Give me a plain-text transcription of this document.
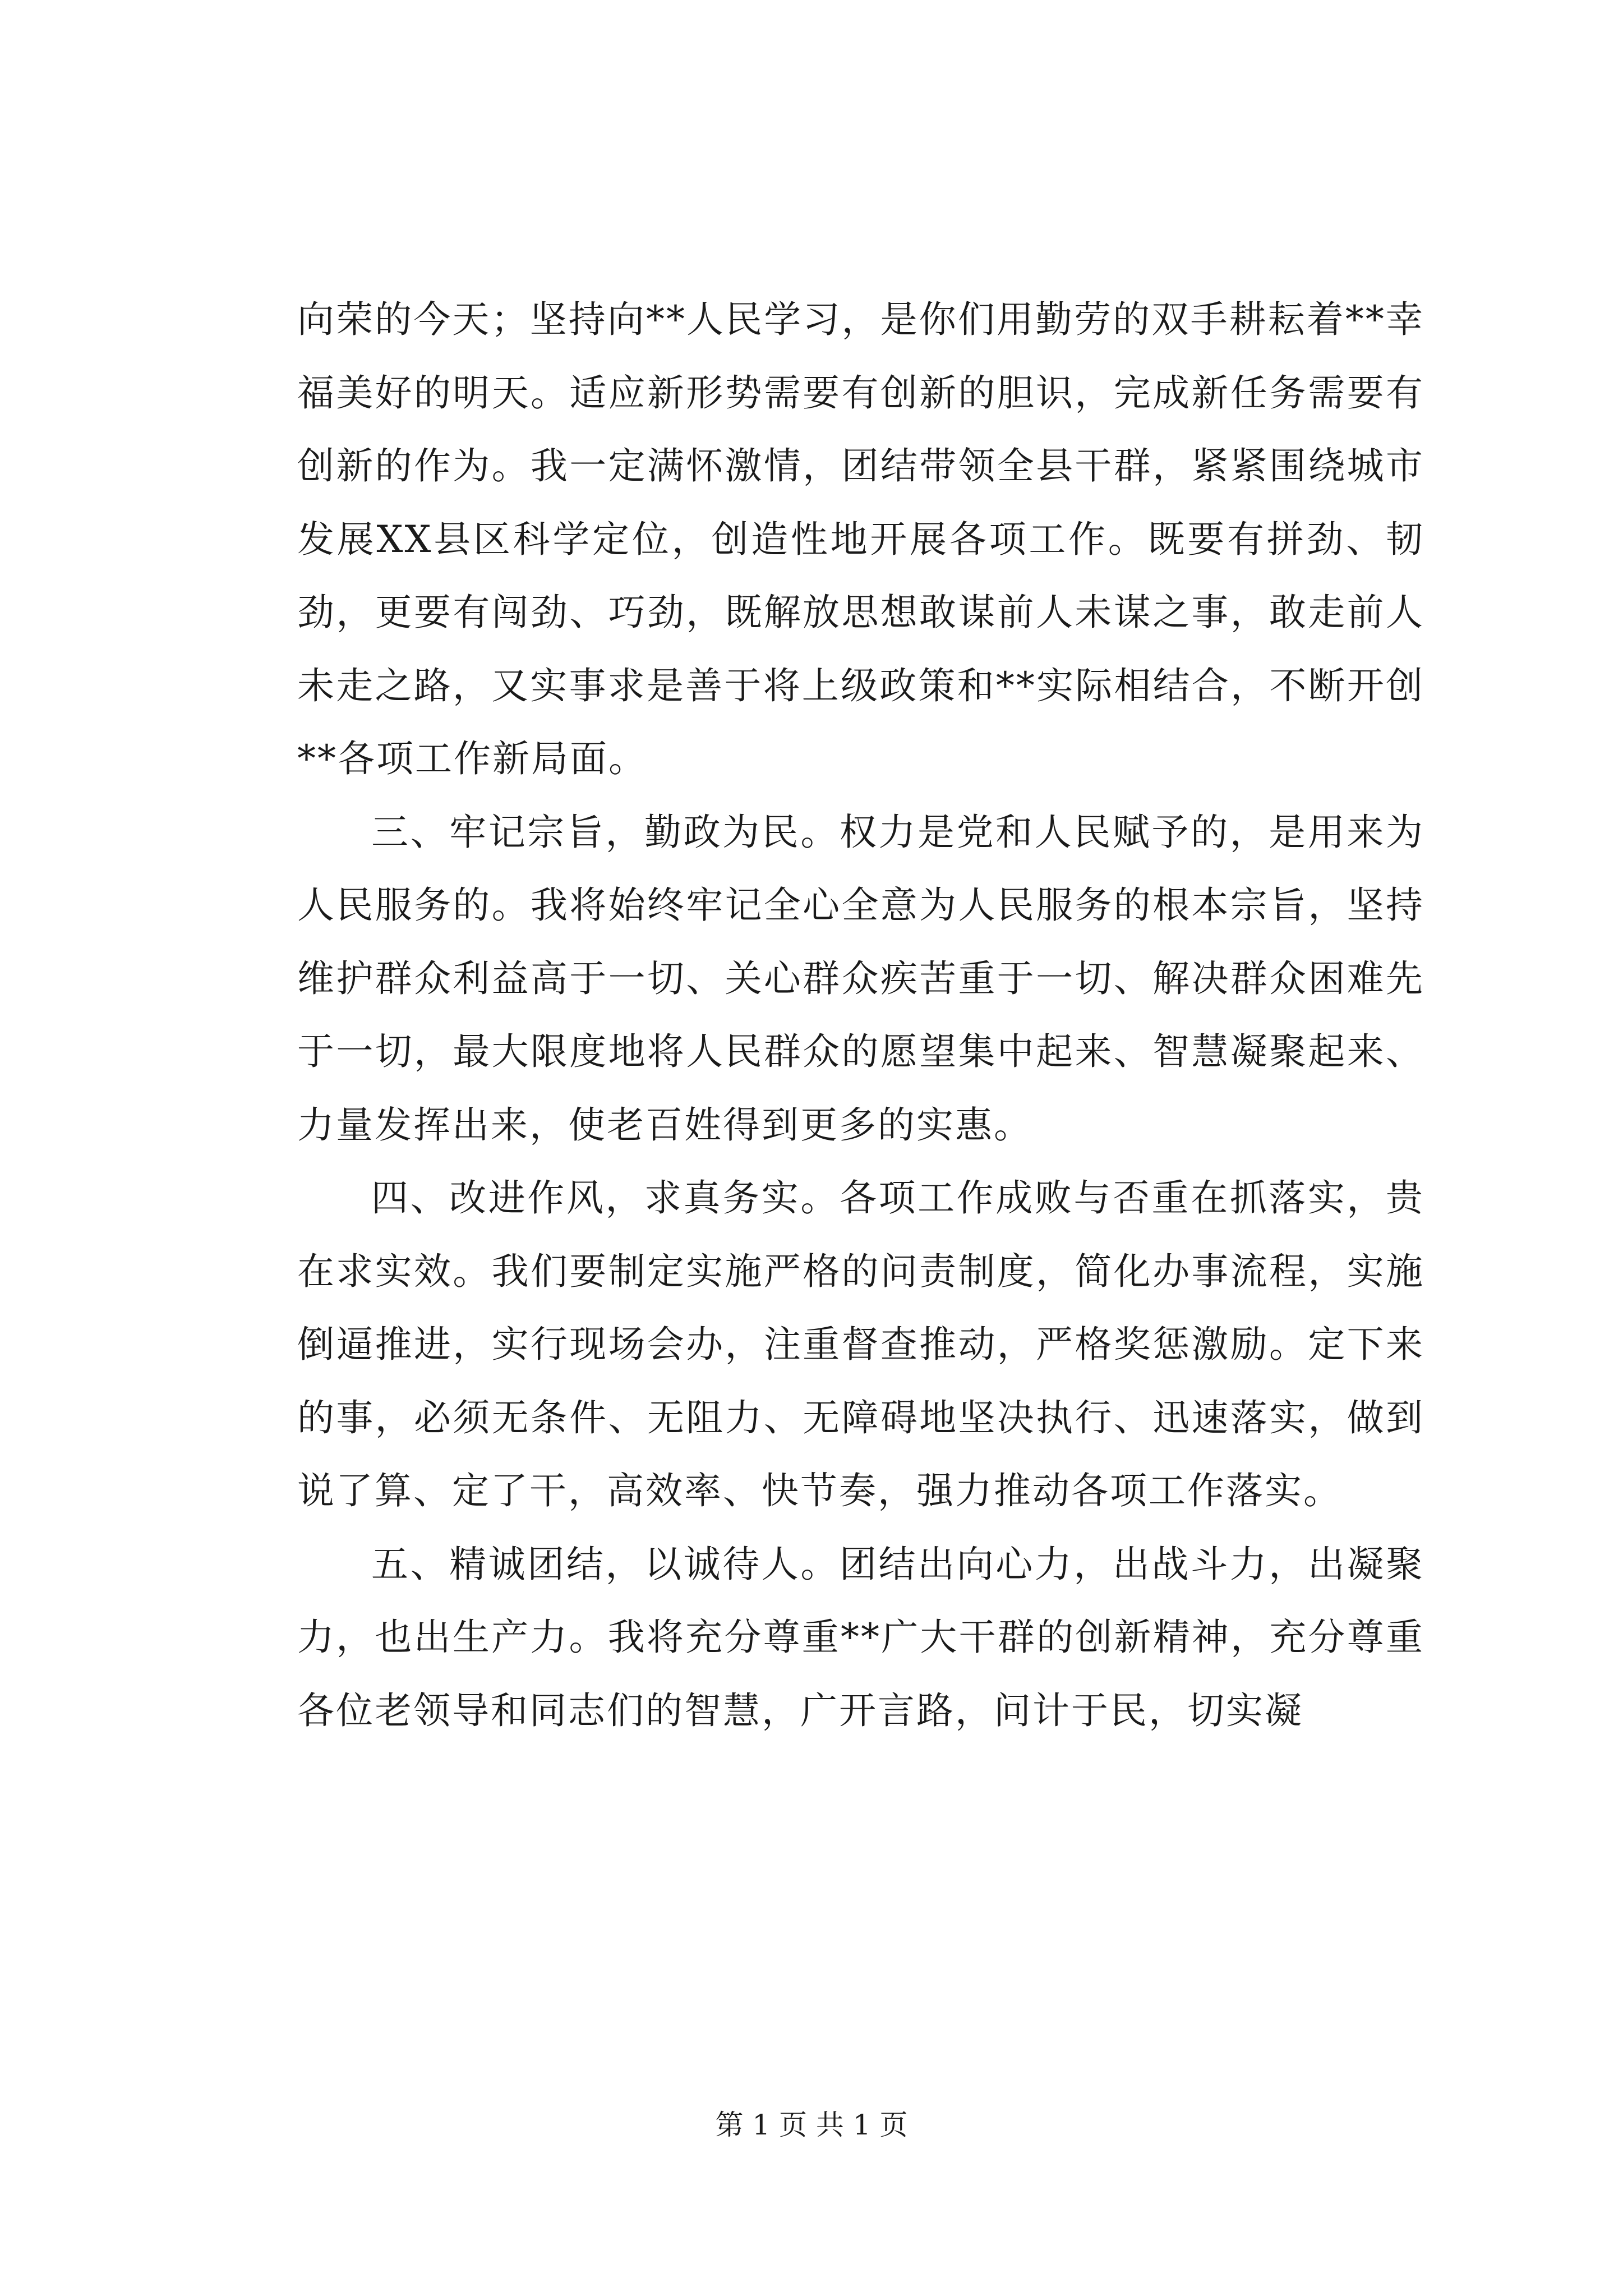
向荣的今天；坚持向**人民学习，是你们用勤劳的双手耕耘着**幸福美好的明天。适应新形势需要有创新的胆识，完成新任务需要有创新的作为。我一定满怀激情，团结带领全县干群，紧紧围绕城市发展XX县区科学定位，创造性地开展各项工作。既要有拼劲、韧劲，更要有闯劲、巧劲，既解放思想敢谋前人未谋之事，敢走前人未走之路，又实事求是善于将上级政策和**实际相结合，不断开创**各项工作新局面。

三、牢记宗旨，勤政为民。权力是党和人民赋予的，是用来为人民服务的。我将始终牢记全心全意为人民服务的根本宗旨，坚持维护群众利益高于一切、关心群众疾苦重于一切、解决群众困难先于一切，最大限度地将人民群众的愿望集中起来、智慧凝聚起来、力量发挥出来，使老百姓得到更多的实惠。

四、改进作风，求真务实。各项工作成败与否重在抓落实，贵在求实效。我们要制定实施严格的问责制度，简化办事流程，实施倒逼推进，实行现场会办，注重督查推动，严格奖惩激励。定下来的事，必须无条件、无阻力、无障碍地坚决执行、迅速落实，做到说了算、定了干，高效率、快节奏，强力推动各项工作落实。

五、精诚团结，以诚待人。团结出向心力，出战斗力，出凝聚力，也出生产力。我将充分尊重**广大干群的创新精神，充分尊重各位老领导和同志们的智慧，广开言路，问计于民，切实凝

第 1 页 共 1 页
